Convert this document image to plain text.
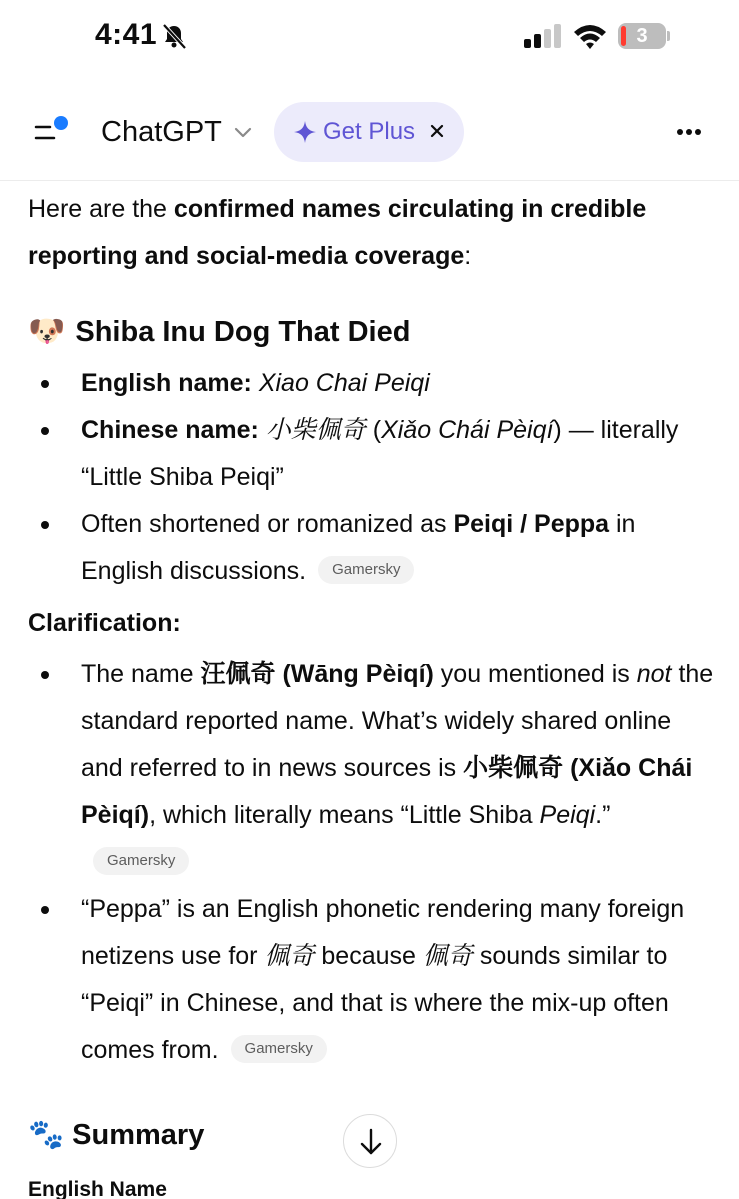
4:41	3
ChatGPT	Get Plus

Here are the confirmed names circulating in credible reporting and social-media coverage:

🐶 Shiba Inu Dog That Died
English name: Xiao Chai Peiqi
Chinese name: 小柴佩奇 (Xiǎo Chái Pèiqí) — literally “Little Shiba Peiqi”
Often shortened or romanized as Peiqi / Peppa in English discussions. Gamersky
Clarification:
The name 汪佩奇 (Wāng Pèiqí) you mentioned is not the standard reported name. What’s widely shared online and referred to in news sources is 小柴佩奇 (Xiǎo Chái Pèiqí), which literally means “Little Shiba Peiqi.”Gamersky
“Peppa” is an English phonetic rendering many foreign netizens use for 佩奇 because 佩奇 sounds similar to “Peiqi” in Chinese, and that is where the mix-up often comes from. Gamersky
🐾 Summary
English Name
